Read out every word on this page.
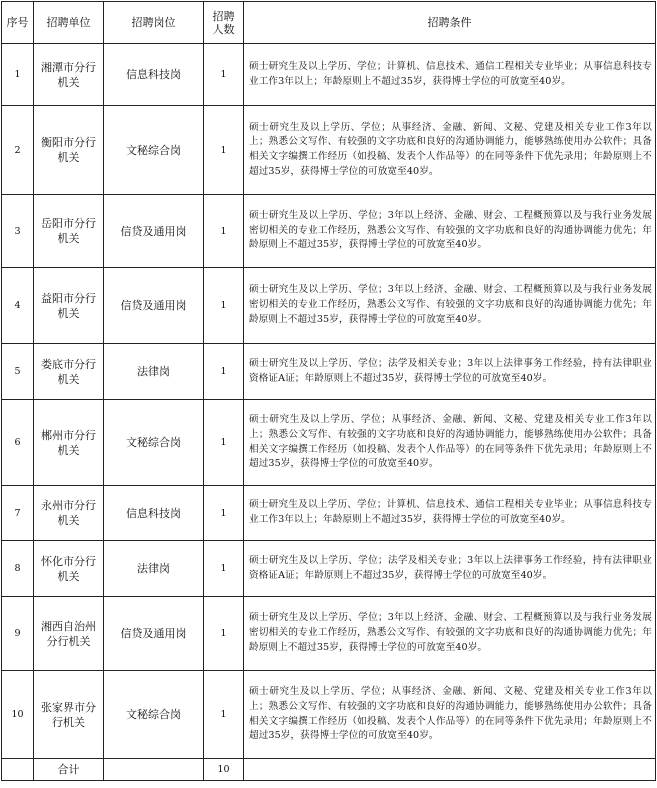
序号	招聘单位	招聘岗位	招聘人数	招聘条件
1	湘潭市分行机关	信息科技岗	1	硕士研究生及以上学历、学位；计算机、信息技术、通信工程相关专业毕业；从事信息科技专业工作3年以上；年龄原则上不超过35岁，获得博士学位的可放宽至40岁。
2	衡阳市分行机关	文秘综合岗	1	硕士研究生及以上学历、学位；从事经济、金融、新闻、文秘、党建及相关专业工作3年以上；熟悉公文写作、有较强的文字功底和良好的沟通协调能力，能够熟练使用办公软件；具备相关文字编撰工作经历（如投稿、发表个人作品等）的在同等条件下优先录用；年龄原则上不超过35岁，获得博士学位的可放宽至40岁。
3	岳阳市分行机关	信贷及通用岗	1	硕士研究生及以上学历、学位；3年以上经济、金融、财会、工程概预算以及与我行业务发展密切相关的专业工作经历，熟悉公文写作、有较强的文字功底和良好的沟通协调能力优先；年龄原则上不超过35岁，获得博士学位的可放宽至40岁。
4	益阳市分行机关	信贷及通用岗	1	硕士研究生及以上学历、学位；3年以上经济、金融、财会、工程概预算以及与我行业务发展密切相关的专业工作经历，熟悉公文写作、有较强的文字功底和良好的沟通协调能力优先；年龄原则上不超过35岁，获得博士学位的可放宽至40岁。
5	娄底市分行机关	法律岗	1	硕士研究生及以上学历、学位；法学及相关专业；3年以上法律事务工作经验，持有法律职业资格证A证；年龄原则上不超过35岁，获得博士学位的可放宽至40岁。
6	郴州市分行机关	文秘综合岗	1	硕士研究生及以上学历、学位；从事经济、金融、新闻、文秘、党建及相关专业工作3年以上；熟悉公文写作、有较强的文字功底和良好的沟通协调能力，能够熟练使用办公软件；具备相关文字编撰工作经历（如投稿、发表个人作品等）的在同等条件下优先录用；年龄原则上不超过35岁，获得博士学位的可放宽至40岁。
7	永州市分行机关	信息科技岗	1	硕士研究生及以上学历、学位；计算机、信息技术、通信工程相关专业毕业；从事信息科技专业工作3年以上；年龄原则上不超过35岁，获得博士学位的可放宽至40岁。
8	怀化市分行机关	法律岗	1	硕士研究生及以上学历、学位；法学及相关专业；3年以上法律事务工作经验，持有法律职业资格证A证；年龄原则上不超过35岁，获得博士学位的可放宽至40岁。
9	湘西自治州分行机关	信贷及通用岗	1	硕士研究生及以上学历、学位；3年以上经济、金融、财会、工程概预算以及与我行业务发展密切相关的专业工作经历，熟悉公文写作、有较强的文字功底和良好的沟通协调能力优先；年龄原则上不超过35岁，获得博士学位的可放宽至40岁。
10	张家界市分行机关	文秘综合岗	1	硕士研究生及以上学历、学位；从事经济、金融、新闻、文秘、党建及相关专业工作3年以上；熟悉公文写作、有较强的文字功底和良好的沟通协调能力，能够熟练使用办公软件；具备相关文字编撰工作经历（如投稿、发表个人作品等）的在同等条件下优先录用；年龄原则上不超过35岁，获得博士学位的可放宽至40岁。
	合计		10	
